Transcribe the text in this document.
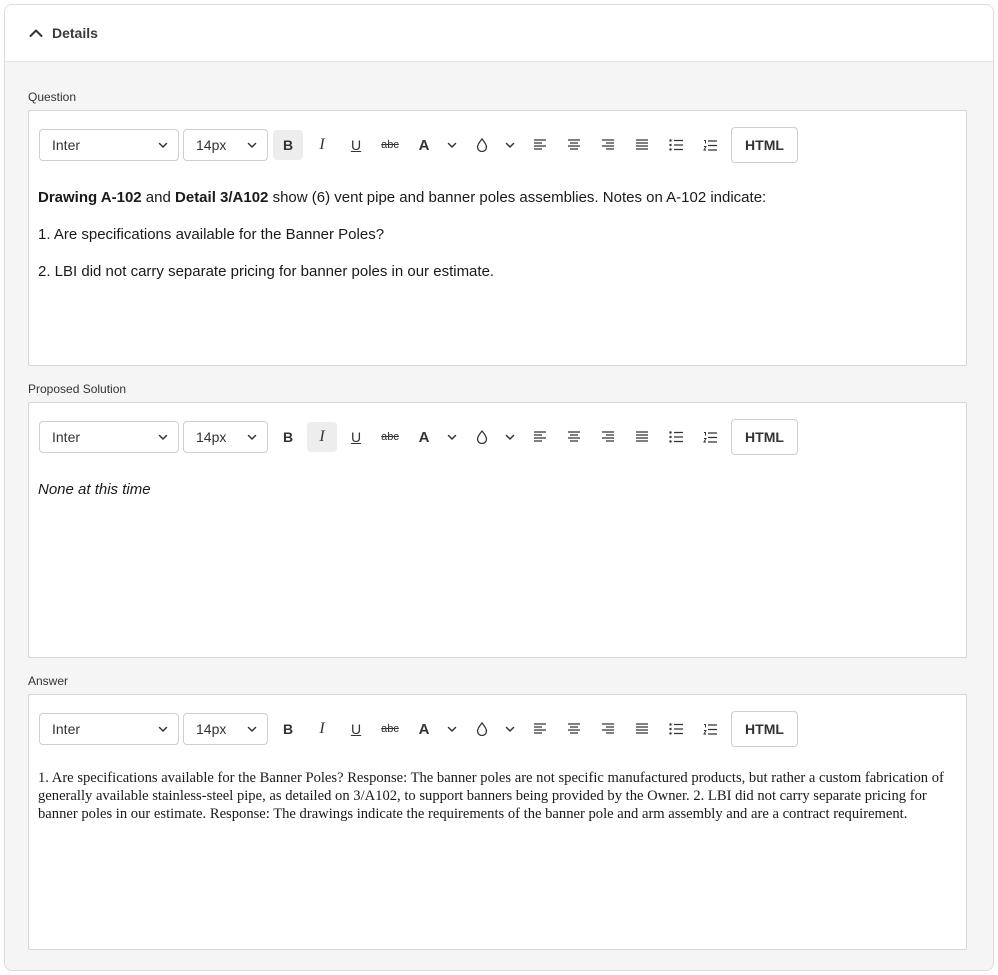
Details
Question
Inter	14px	B I U abc A	HTML

Drawing A-102 and Detail 3/A102 show (6) vent pipe and banner poles assemblies. Notes on A-102 indicate:

1. Are specifications available for the Banner Poles?

2. LBI did not carry separate pricing for banner poles in our estimate.

Proposed Solution
Inter	14px	B I U abc A	HTML

None at this time

Answer
Inter	14px	B I U abc A	HTML

1. Are specifications available for the Banner Poles? Response: The banner poles are not specific manufactured products, but rather a custom fabrication of generally available stainless-steel pipe, as detailed on 3/A102, to support banners being provided by the Owner. 2. LBI did not carry separate pricing for banner poles in our estimate. Response: The drawings indicate the requirements of the banner pole and arm assembly and are a contract requirement.
